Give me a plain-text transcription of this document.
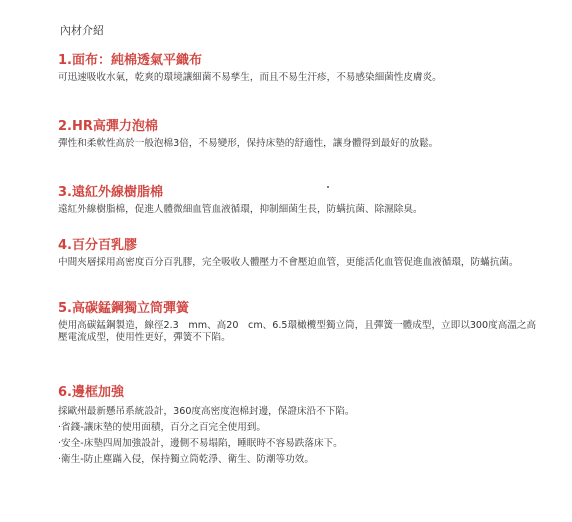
內材介紹

1.面布：純棉透氣平織布

可迅速吸收水氣，乾爽的環境讓細菌不易孳生，而且不易生汗疹，不易感染細菌性皮膚炎。

2.HR高彈力泡棉

彈性和柔軟性高於一般泡棉3倍，不易變形，保持床墊的舒適性，讓身體得到最好的放鬆。

3.遠紅外線樹脂棉

遠紅外線樹脂棉，促進人體微細血管血液循環，抑制細菌生長，防螨抗菌、除濕除臭。

4.百分百乳膠

中間夾層採用高密度百分百乳膠，完全吸收人體壓力不會壓迫血管，更能活化血管促進血液循環，防蟎抗菌。

5.高碳錳鋼獨立筒彈簧

使用高碳錳鋼製造，線徑2.3　mm、高20　cm、6.5環橄欖型獨立筒，且彈簧一體成型，立即以300度高溫之高壓電流成型，使用性更好，彈簧不下陷。

6.邊框加強

採歐州最新懸吊系統設計，360度高密度泡棉封邊，保證床沿不下陷。

·省錢-讓床墊的使用面積，百分之百完全使用到。

·安全-床墊四周加強設計，邊側不易塌陷，睡眠時不容易跌落床下。

·衛生-防止塵蹣入侵，保持獨立筒乾淨、衛生、防潮等功效。
